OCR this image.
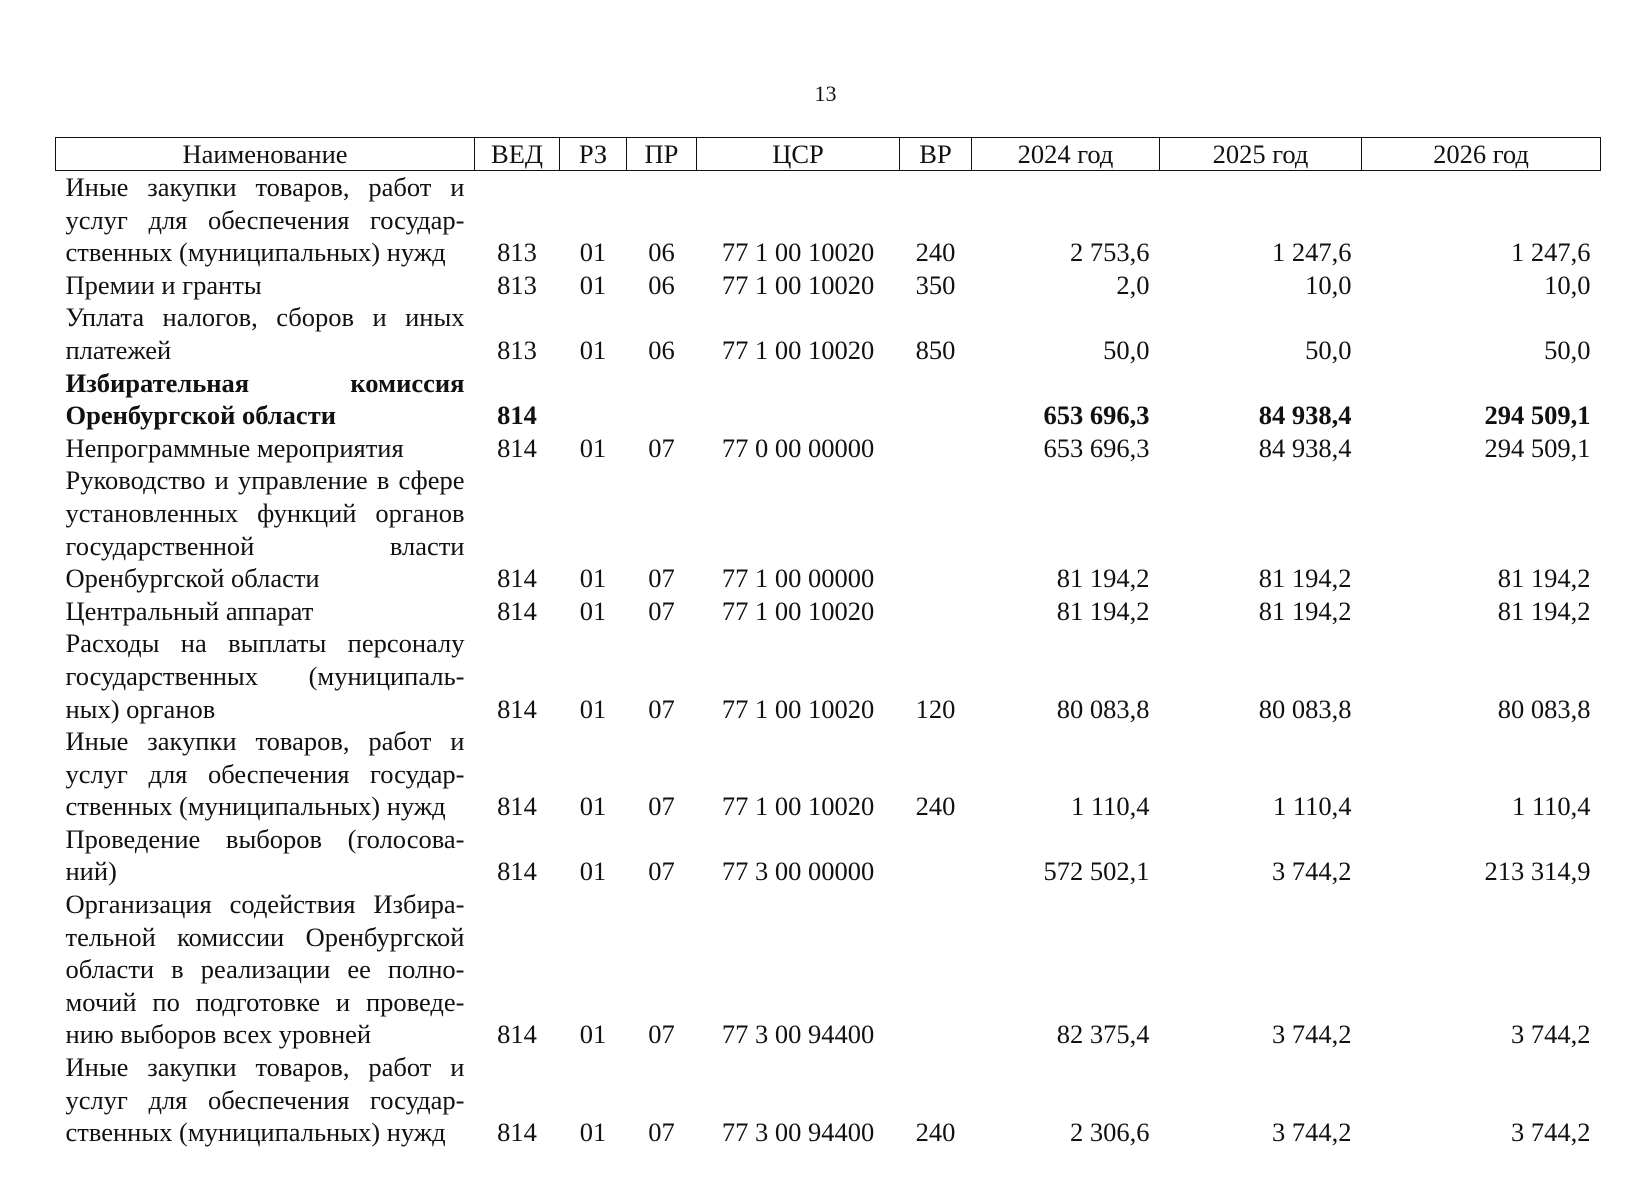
13
Наименование	ВЕД	РЗ	ПР	ЦСР	ВР	2024 год	2025 год	2026 год
Иные закупки товаров, работ и услуг для обеспечения государственных (муниципальных) нужд	813	01	06	77 1 00 10020	240	2 753,6	1 247,6	1 247,6
Премии и гранты	813	01	06	77 1 00 10020	350	2,0	10,0	10,0
Уплата налогов, сборов и иных платежей	813	01	06	77 1 00 10020	850	50,0	50,0	50,0
Избирательная комиссия Оренбургской области	814					653 696,3	84 938,4	294 509,1
Непрограммные мероприятия	814	01	07	77 0 00 00000		653 696,3	84 938,4	294 509,1
Руководство и управление в сфере установленных функций органов государственной власти Оренбургской области	814	01	07	77 1 00 00000		81 194,2	81 194,2	81 194,2
Центральный аппарат	814	01	07	77 1 00 10020		81 194,2	81 194,2	81 194,2
Расходы на выплаты персоналу государственных (муниципальных) органов	814	01	07	77 1 00 10020	120	80 083,8	80 083,8	80 083,8
Иные закупки товаров, работ и услуг для обеспечения государственных (муниципальных) нужд	814	01	07	77 1 00 10020	240	1 110,4	1 110,4	1 110,4
Проведение выборов (голосований)	814	01	07	77 3 00 00000		572 502,1	3 744,2	213 314,9
Организация содействия Избирательной комиссии Оренбургской области в реализации ее полномочий по подготовке и проведению выборов всех уровней	814	01	07	77 3 00 94400		82 375,4	3 744,2	3 744,2
Иные закупки товаров, работ и услуг для обеспечения государственных (муниципальных) нужд	814	01	07	77 3 00 94400	240	2 306,6	3 744,2	3 744,2
